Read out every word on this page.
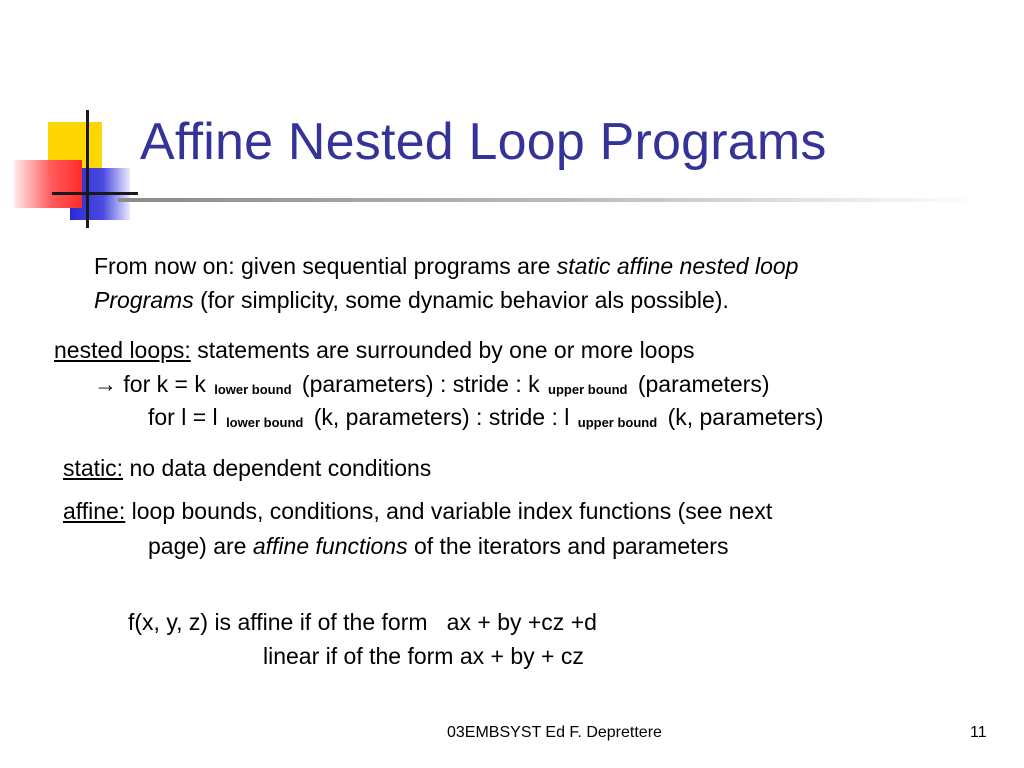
Affine Nested Loop Programs
From now on: given sequential programs are static affine nested loop
Programs (for simplicity, some dynamic behavior als possible).
nested loops: statements are surrounded by one or more loops
→ for k = k lower bound (parameters) : stride : k upper bound (parameters)
for l = l lower bound (k, parameters) : stride : l upper bound (k, parameters)
static: no data dependent conditions
affine: loop bounds, conditions, and variable index functions (see next
page) are affine functions of the iterators and parameters
f(x, y, z) is affine if of the form   ax + by +cz +d
linear if of the form ax + by + cz
03EMBSYST Ed F. Deprettere	11
